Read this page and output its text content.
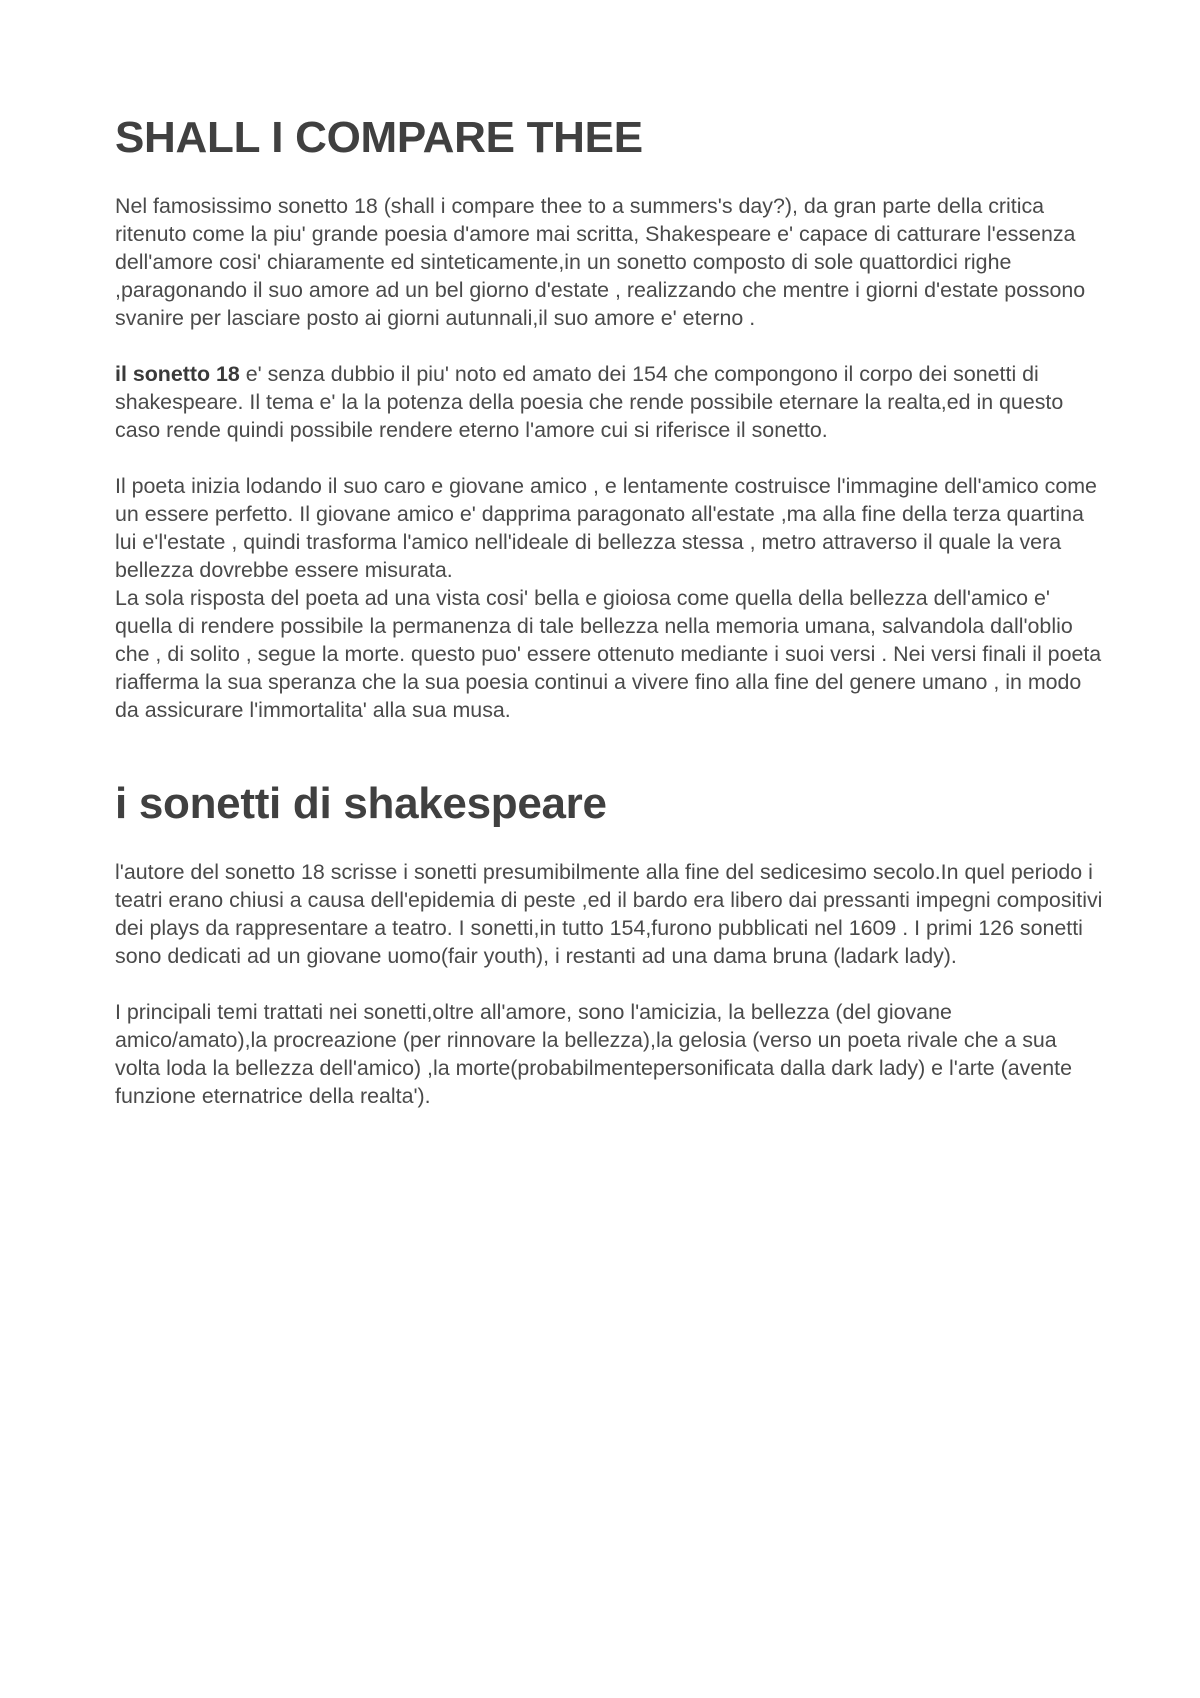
SHALL I COMPARE THEE

Nel famosissimo sonetto 18 (shall i compare thee to a summers's day?), da gran parte della critica ritenuto come la piu' grande poesia d'amore mai scritta, Shakespeare e' capace di catturare l'essenza dell'amore cosi' chiaramente ed sinteticamente,in un sonetto composto di sole quattordici righe ,paragonando il suo amore ad un bel giorno d'estate , realizzando che mentre i giorni d'estate possono svanire per lasciare posto ai giorni autunnali,il suo amore e' eterno .

il sonetto 18 e' senza dubbio il piu' noto ed amato dei 154 che compongono il corpo dei sonetti di shakespeare. Il tema e' la la potenza della poesia che rende possibile eternare la realta,ed in questo caso rende quindi possibile rendere eterno l'amore cui si riferisce il sonetto.

Il poeta inizia lodando il suo caro e giovane amico , e lentamente costruisce l'immagine dell'amico come un essere perfetto. Il giovane amico e' dapprima paragonato all'estate ,ma alla fine della terza quartina lui e'l'estate , quindi trasforma l'amico nell'ideale di bellezza stessa , metro attraverso il quale la vera bellezza dovrebbe essere misurata.

La sola risposta del poeta ad una vista cosi' bella e gioiosa come quella della bellezza dell'amico e' quella di rendere possibile la permanenza di tale bellezza nella memoria umana, salvandola dall'oblio che , di solito , segue la morte. questo puo' essere ottenuto mediante i suoi versi . Nei versi finali il poeta riafferma la sua speranza che la sua poesia continui a vivere fino alla fine del genere umano , in modo da assicurare l'immortalita' alla sua musa.

i sonetti di shakespeare

l'autore del sonetto 18 scrisse i sonetti presumibilmente alla fine del sedicesimo secolo.In quel periodo i teatri erano chiusi a causa dell'epidemia di peste ,ed il bardo era libero dai pressanti impegni compositivi dei plays da rappresentare a teatro. I sonetti,in tutto 154,furono pubblicati nel 1609 . I primi 126 sonetti sono dedicati ad un giovane uomo(fair youth), i restanti ad una dama bruna (ladark lady).

I principali temi trattati nei sonetti,oltre all'amore, sono l'amicizia, la bellezza (del giovane amico/amato),la procreazione (per rinnovare la bellezza),la gelosia (verso un poeta rivale che a sua volta loda la bellezza dell'amico) ,la morte(probabilmentepersonificata dalla dark lady) e l'arte (avente funzione eternatrice della realta').
